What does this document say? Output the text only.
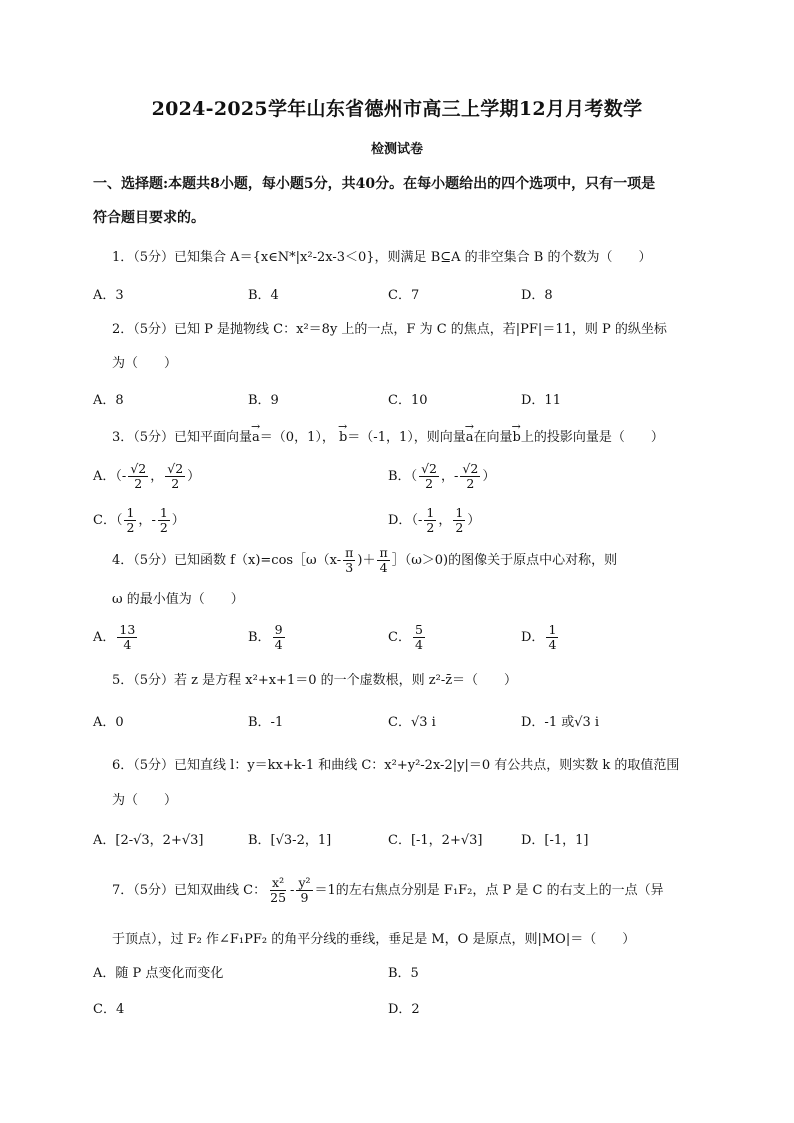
2024-2025学年山东省德州市高三上学期12月月考数学
检测试卷
一、选择题:本题共8小题，每小题5分，共40分。在每小题给出的四个选项中，只有一项是
符合题目要求的。
1．（5分）已知集合 A＝{x∈N*|x²-2x-3＜0}，则满足 B⊆A 的非空集合 B 的个数为（　　）
A．3	B．4	C．7	D．8
2．（5分）已知 P 是抛物线 C：x²＝8y 上的一点，F 为 C 的焦点，若|PF|＝11，则 P 的纵坐标
为（　　）
A．8	B．9	C．10	D．11
3．（5分）已知平面向量→ a＝（0，1）， → b＝（-1，1），则向量→ a在向量→ b上的投影向量是（　　）
A．（- $\frac{√2}{2}$ ， $\frac{√2}{2}$ ）	B．（ $\frac{√2}{2}$ ，- $\frac{√2}{2}$ ）
C．（ $\frac{1}{2}$ ，- $\frac{1}{2}$ ）	D．（- $\frac{1}{2}$ ， $\frac{1}{2}$ ）
4．（5分）已知函数 f（x)=cos［ω（x- $\frac{\pi}{3}$ )＋ $\frac{\pi}{4}$ ］（ω＞0)的图像关于原点中心对称，则
ω 的最小值为（　　）
A． $\frac{13}{4}$	B． $\frac{9}{4}$	C． $\frac{5}{4}$	D． $\frac{1}{4}$
5．（5分）若 z 是方程 x²+x+1＝0 的一个虚数根，则 z²-z̄＝（　　）
A．0	B．-1	C．√3 i	D．-1 或√3 i
6．（5分）已知直线 l：y＝kx+k-1 和曲线 C：x²+y²-2x-2|y|＝0 有公共点，则实数 k 的取值范围
为（　　）
A．[2-√3，2+√3]	B．[√3-2，1]	C．[-1，2+√3]	D．[-1，1]
7．（5分）已知双曲线 C： $\frac{\text{x²}}{25} - \frac{\text{y²}}{9} =1$的左右焦点分别是 F₁F₂，点 P 是 C 的右支上的一点（异
于顶点），过 F₂ 作∠F₁PF₂ 的角平分线的垂线，垂足是 M，O 是原点，则|MO|＝（　　）
A．随 P 点变化而变化	B．5
C．4	D．2
